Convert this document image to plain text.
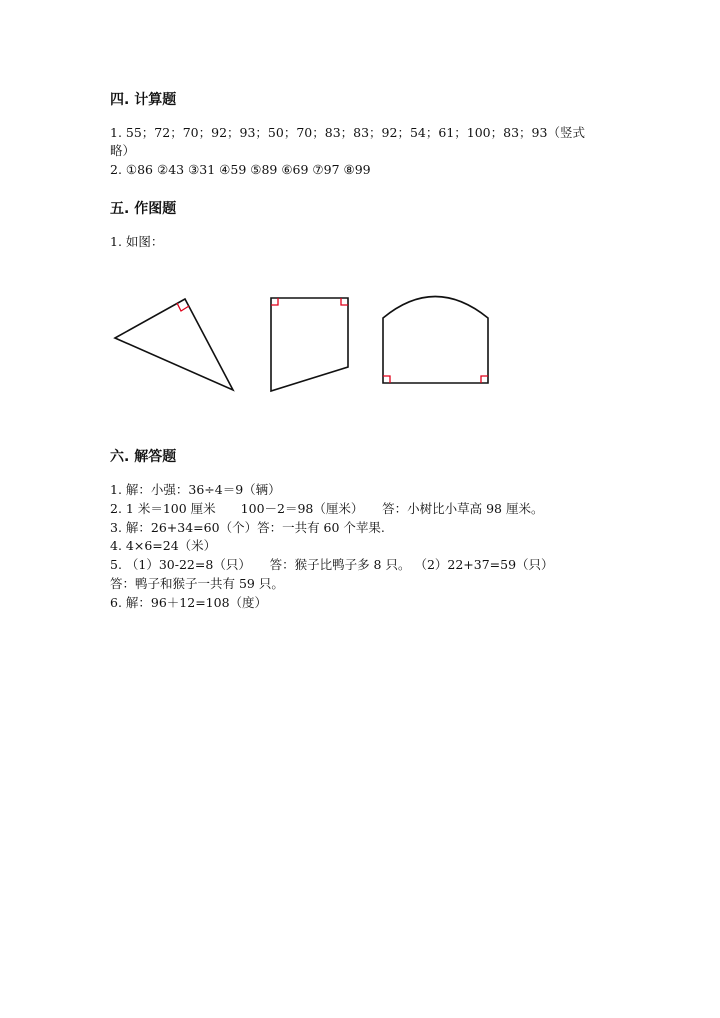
四. 计算题
1. 55；72；70；92；93；50；70；83；83；92；54；61；100；83；93（竖式
略）
2. ①86 ②43 ③31 ④59 ⑤89 ⑥69 ⑦97 ⑧99
五. 作图题
1. 如图：
六. 解答题
1. 解：小强：36÷4＝9（辆）
2. 1 米＝100 厘米　　100－2＝98（厘米）　　答：小树比小草高 98 厘米。
3. 解：26+34=60（个）答：一共有 60 个苹果.
4. 4×6=24（米）
5. （1）30-22=8（只）　　答：猴子比鸭子多 8 只。 （2）22+37=59（只）
答：鸭子和猴子一共有 59 只。
6. 解：96＋12=108（度）
